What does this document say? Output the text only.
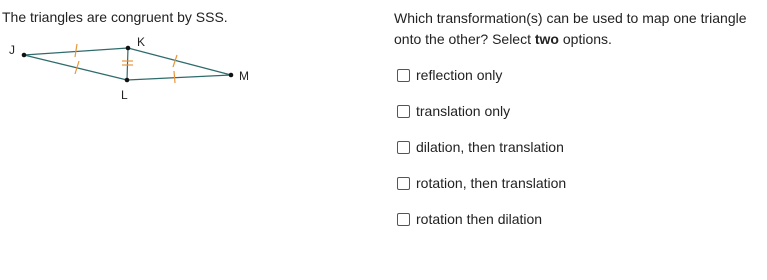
The triangles are congruent by SSS.
J
K
L
M
Which transformation(s) can be used to map one triangle onto the other? Select two options.
reflection only
translation only
dilation, then translation
rotation, then translation
rotation then dilation
